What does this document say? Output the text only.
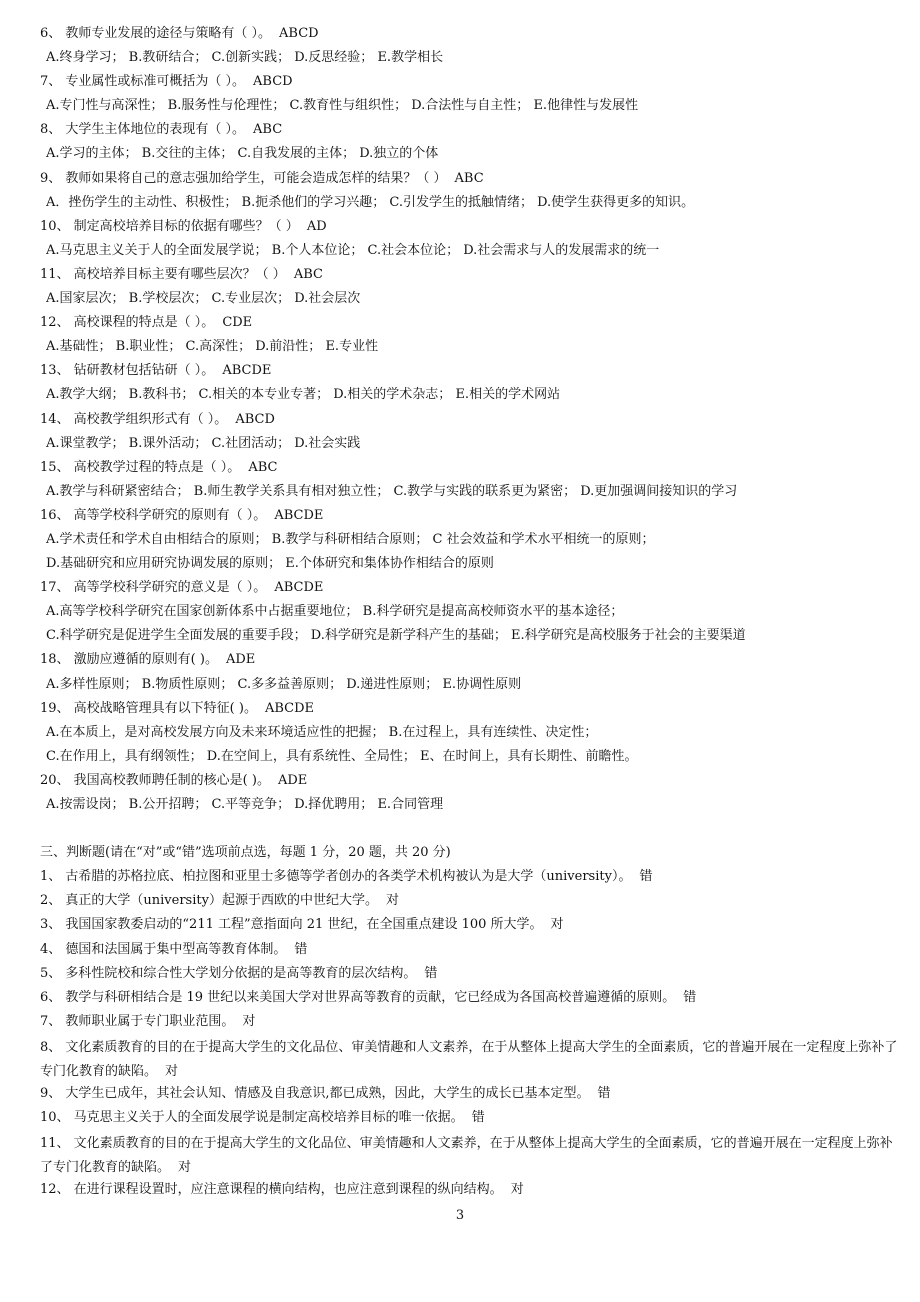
6、 教师专业发展的途径与策略有（ ）。 ABCD
A.终身学习； B.教研结合； C.创新实践； D.反思经验； E.教学相长
7、 专业属性或标准可概括为（ ）。 ABCD
A.专门性与高深性； B.服务性与伦理性； C.教育性与组织性； D.合法性与自主性； E.他律性与发展性
8、 大学生主体地位的表现有（ ）。 ABC
A.学习的主体； B.交往的主体； C.自我发展的主体； D.独立的个体
9、 教师如果将自己的意志强加给学生，可能会造成怎样的结果？（ ） ABC
A．挫伤学生的主动性、积极性； B.扼杀他们的学习兴趣； C.引发学生的抵触情绪； D.使学生获得更多的知识。
10、 制定高校培养目标的依据有哪些？（ ） AD
A.马克思主义关于人的全面发展学说； B.个人本位论； C.社会本位论； D.社会需求与人的发展需求的统一
11、 高校培养目标主要有哪些层次？（ ） ABC
A.国家层次； B.学校层次； C.专业层次； D.社会层次
12、 高校课程的特点是（ ）。 CDE
A.基础性； B.职业性； C.高深性； D.前沿性； E.专业性
13、 钻研教材包括钻研（ ）。 ABCDE
A.教学大纲； B.教科书； C.相关的本专业专著； D.相关的学术杂志； E.相关的学术网站
14、 高校教学组织形式有（ ）。 ABCD
A.课堂教学； B.课外活动； C.社团活动； D.社会实践
15、 高校教学过程的特点是（ ）。 ABC
A.教学与科研紧密结合； B.师生教学关系具有相对独立性； C.教学与实践的联系更为紧密； D.更加强调间接知识的学习
16、 高等学校科学研究的原则有（ ）。 ABCDE
A.学术责任和学术自由相结合的原则； B.教学与科研相结合原则； C 社会效益和学术水平相统一的原则；
D.基础研究和应用研究协调发展的原则； E.个体研究和集体协作相结合的原则
17、 高等学校科学研究的意义是（ ）。 ABCDE
A.高等学校科学研究在国家创新体系中占据重要地位； B.科学研究是提高高校师资水平的基本途径；
C.科学研究是促进学生全面发展的重要手段； D.科学研究是新学科产生的基础； E.科学研究是高校服务于社会的主要渠道
18、 激励应遵循的原则有( )。 ADE
A.多样性原则； B.物质性原则； C.多多益善原则； D.递进性原则； E.协调性原则
19、 高校战略管理具有以下特征( )。 ABCDE
A.在本质上，是对高校发展方向及未来环境适应性的把握； B.在过程上，具有连续性、决定性；
C.在作用上，具有纲领性； D.在空间上，具有系统性、全局性； E、在时间上，具有长期性、前瞻性。
20、 我国高校教师聘任制的核心是( )。 ADE
A.按需设岗； B.公开招聘； C.平等竞争； D.择优聘用； E.合同管理
三、判断题(请在“对”或“错”选项前点选，每题 1 分，20 题，共 20 分)
1、 古希腊的苏格拉底、柏拉图和亚里士多德等学者创办的各类学术机构被认为是大学（university）。 错
2、 真正的大学（university）起源于西欧的中世纪大学。 对
3、 我国国家教委启动的“211 工程”意指面向 21 世纪，在全国重点建设 100 所大学。 对
4、 德国和法国属于集中型高等教育体制。 错
5、 多科性院校和综合性大学划分依据的是高等教育的层次结构。 错
6、 教学与科研相结合是 19 世纪以来美国大学对世界高等教育的贡献，它已经成为各国高校普遍遵循的原则。 错
7、 教师职业属于专门职业范围。 对
8、 文化素质教育的目的在于提高大学生的文化品位、审美情趣和人文素养，在于从整体上提高大学生的全面素质，它的普遍开展在一定程度上弥补了专门化教育的缺陷。 对
9、 大学生已成年，其社会认知、情感及自我意识,都已成熟，因此，大学生的成长已基本定型。 错
10、 马克思主义关于人的全面发展学说是制定高校培养目标的唯一依据。 错
11、 文化素质教育的目的在于提高大学生的文化品位、审美情趣和人文素养，在于从整体上提高大学生的全面素质，它的普遍开展在一定程度上弥补了专门化教育的缺陷。 对
12、 在进行课程设置时，应注意课程的横向结构，也应注意到课程的纵向结构。 对
3
